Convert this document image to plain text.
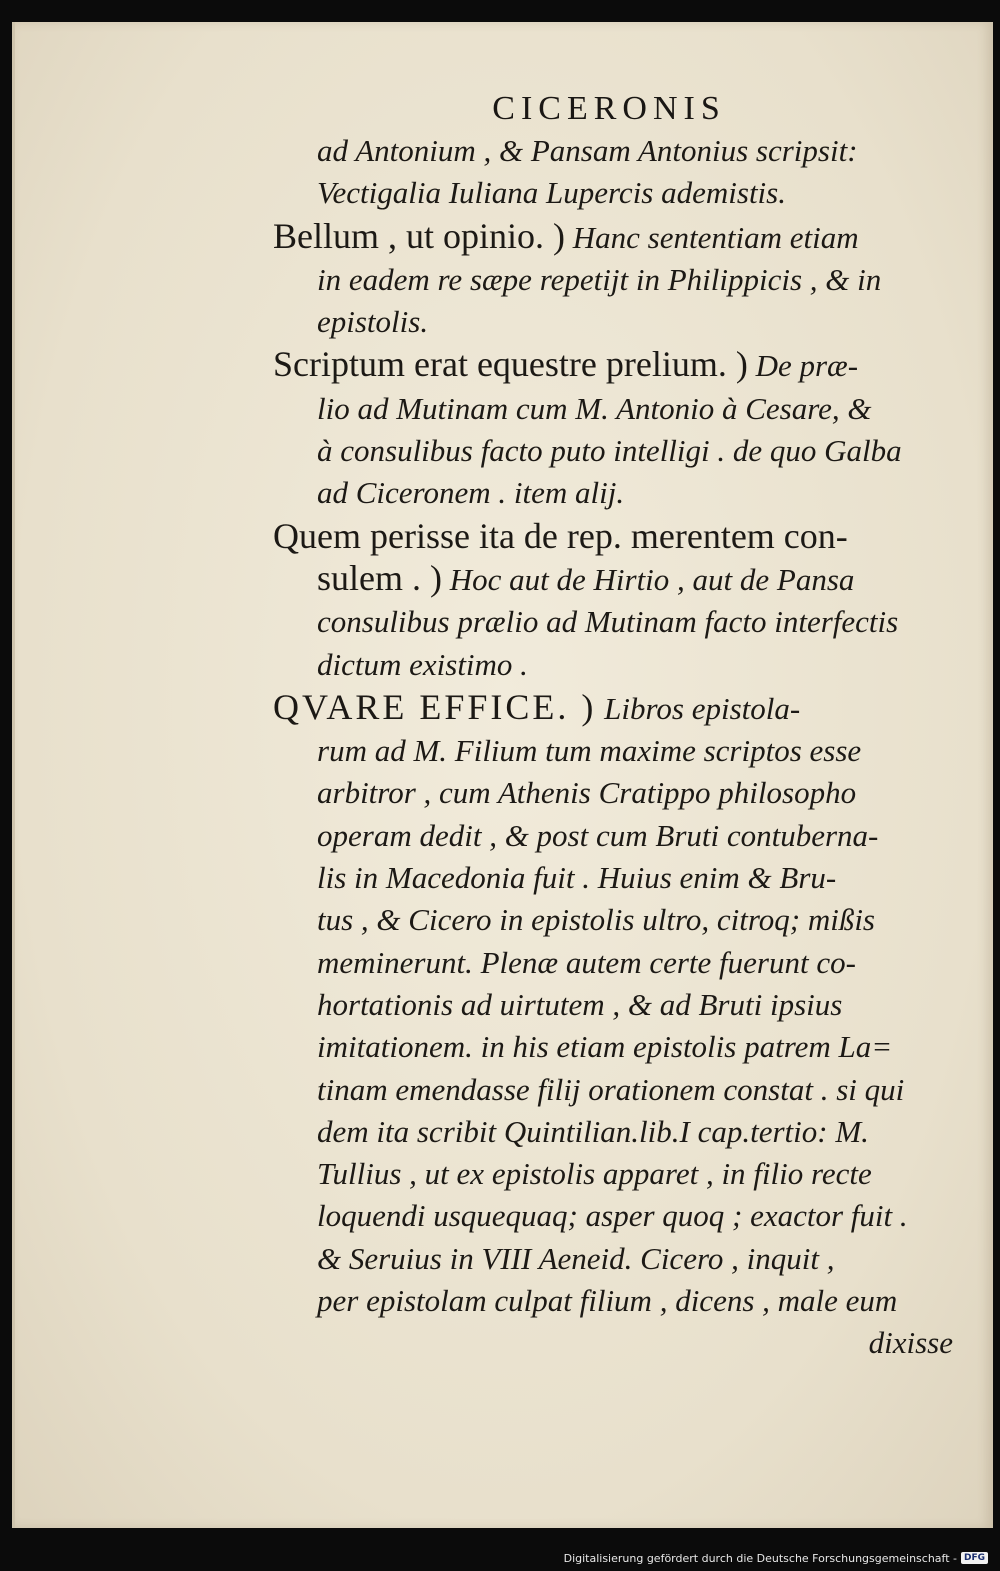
CICERONIS

ad Antonium , & Pansam Antonius scripsit:
Vectigalia Iuliana Lupercis ademistis.

Bellum , ut opinio. ) Hanc sententiam etiam
in eadem re sæpe repetijt in Philippicis , & in
epistolis.

Scriptum erat equestre prelium. ) De præ-
lio ad Mutinam cum M. Antonio à Cesare, &
à consulibus facto puto intelligi . de quo Galba
ad Ciceronem . item alij.

Quem perisse ita de rep. merentem con-
sulem . ) Hoc aut de Hirtio , aut de Pansa
consulibus prælio ad Mutinam facto interfectis
dictum existimo .

QVARE EFFICE. ) Libros epistola-
rum ad M. Filium tum maxime scriptos esse
arbitror , cum Athenis Cratippo philosopho
operam dedit , & post cum Bruti contuberna-
lis in Macedonia fuit . Huius enim & Bru-
tus , & Cicero in epistolis ultro, citroq; mißis
meminerunt. Plenæ autem certe fuerunt co-
hortationis ad uirtutem , & ad Bruti ipsius
imitationem. in his etiam epistolis patrem La=
tinam emendasse filij orationem constat . si qui
dem ita scribit Quintilian.lib.I cap.tertio: M.
Tullius , ut ex epistolis apparet , in filio recte
loquendi usquequaq; asper quoq ; exactor fuit .
& Seruius in VIII Aeneid. Cicero , inquit ,
per epistolam culpat filium , dicens , male eum
dixisse

Digitalisierung gefördert durch die Deutsche Forschungsgemeinschaft - DFG
